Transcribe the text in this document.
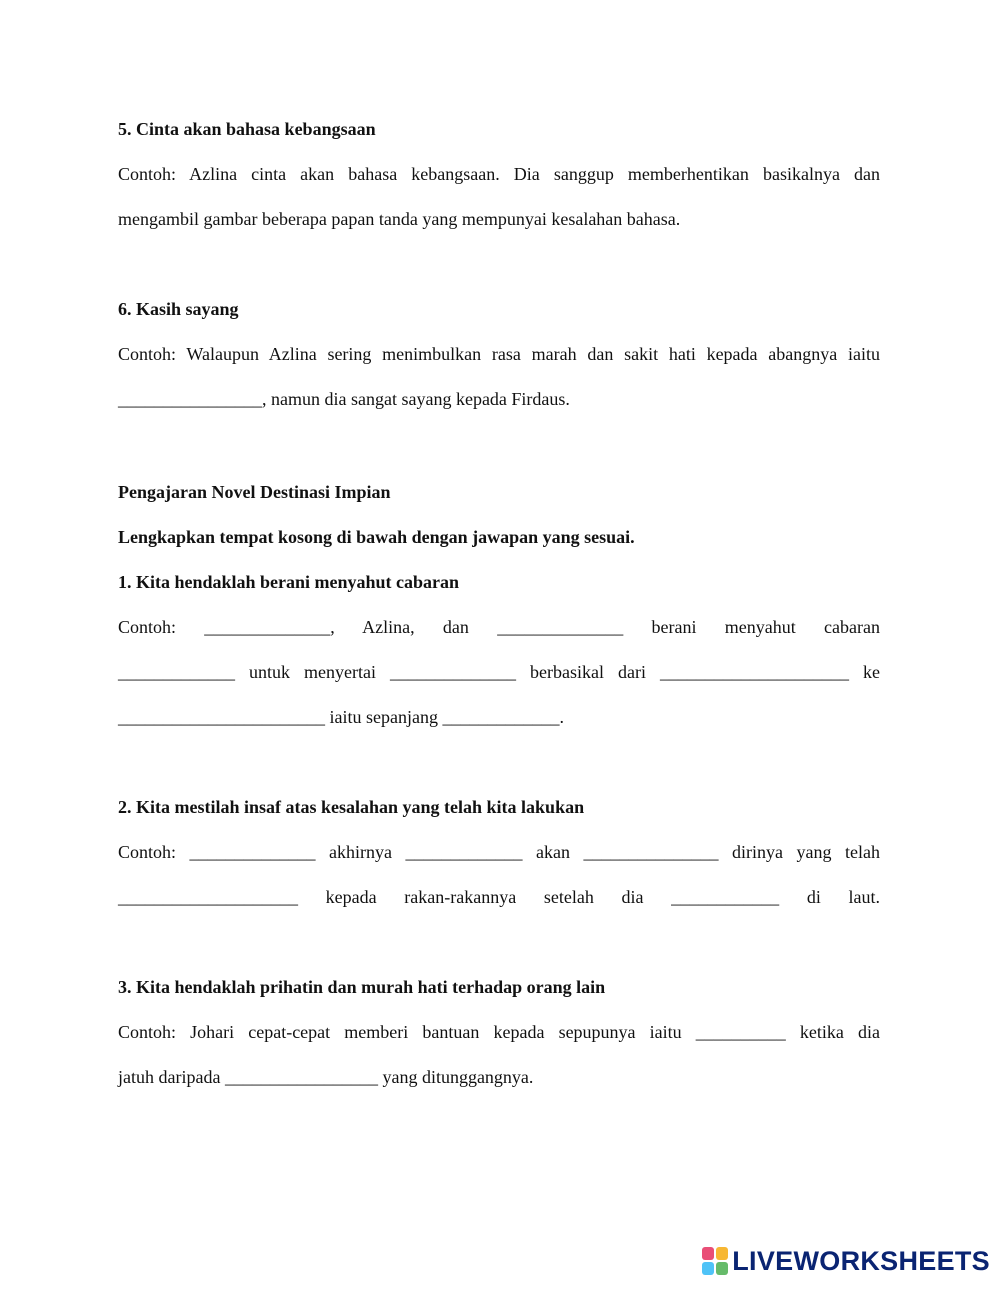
5. Cinta akan bahasa kebangsaan
Contoh: Azlina cinta akan bahasa kebangsaan. Dia sanggup memberhentikan basikalnya dan
mengambil gambar beberapa papan tanda yang mempunyai kesalahan bahasa.
6. Kasih sayang
Contoh: Walaupun Azlina sering menimbulkan rasa marah dan sakit hati kepada abangnya iaitu
________________, namun dia sangat sayang kepada Firdaus.
Pengajaran Novel Destinasi Impian
Lengkapkan tempat kosong di bawah dengan jawapan yang sesuai.
1. Kita hendaklah berani menyahut cabaran
Contoh: ______________, Azlina, dan ______________ berani menyahut cabaran
_____________ untuk menyertai ______________ berbasikal dari _____________________ ke
_______________________ iaitu sepanjang _____________.
2. Kita mestilah insaf atas kesalahan yang telah kita lakukan
Contoh: ______________ akhirnya _____________ akan _______________ dirinya yang telah
____________________ kepada rakan-rakannya setelah dia ____________ di laut.
3. Kita hendaklah prihatin dan murah hati terhadap orang lain
Contoh: Johari cepat-cepat memberi bantuan kepada sepupunya iaitu __________ ketika dia
jatuh daripada _________________ yang ditunggangnya.
LIVEWORKSHEETS
